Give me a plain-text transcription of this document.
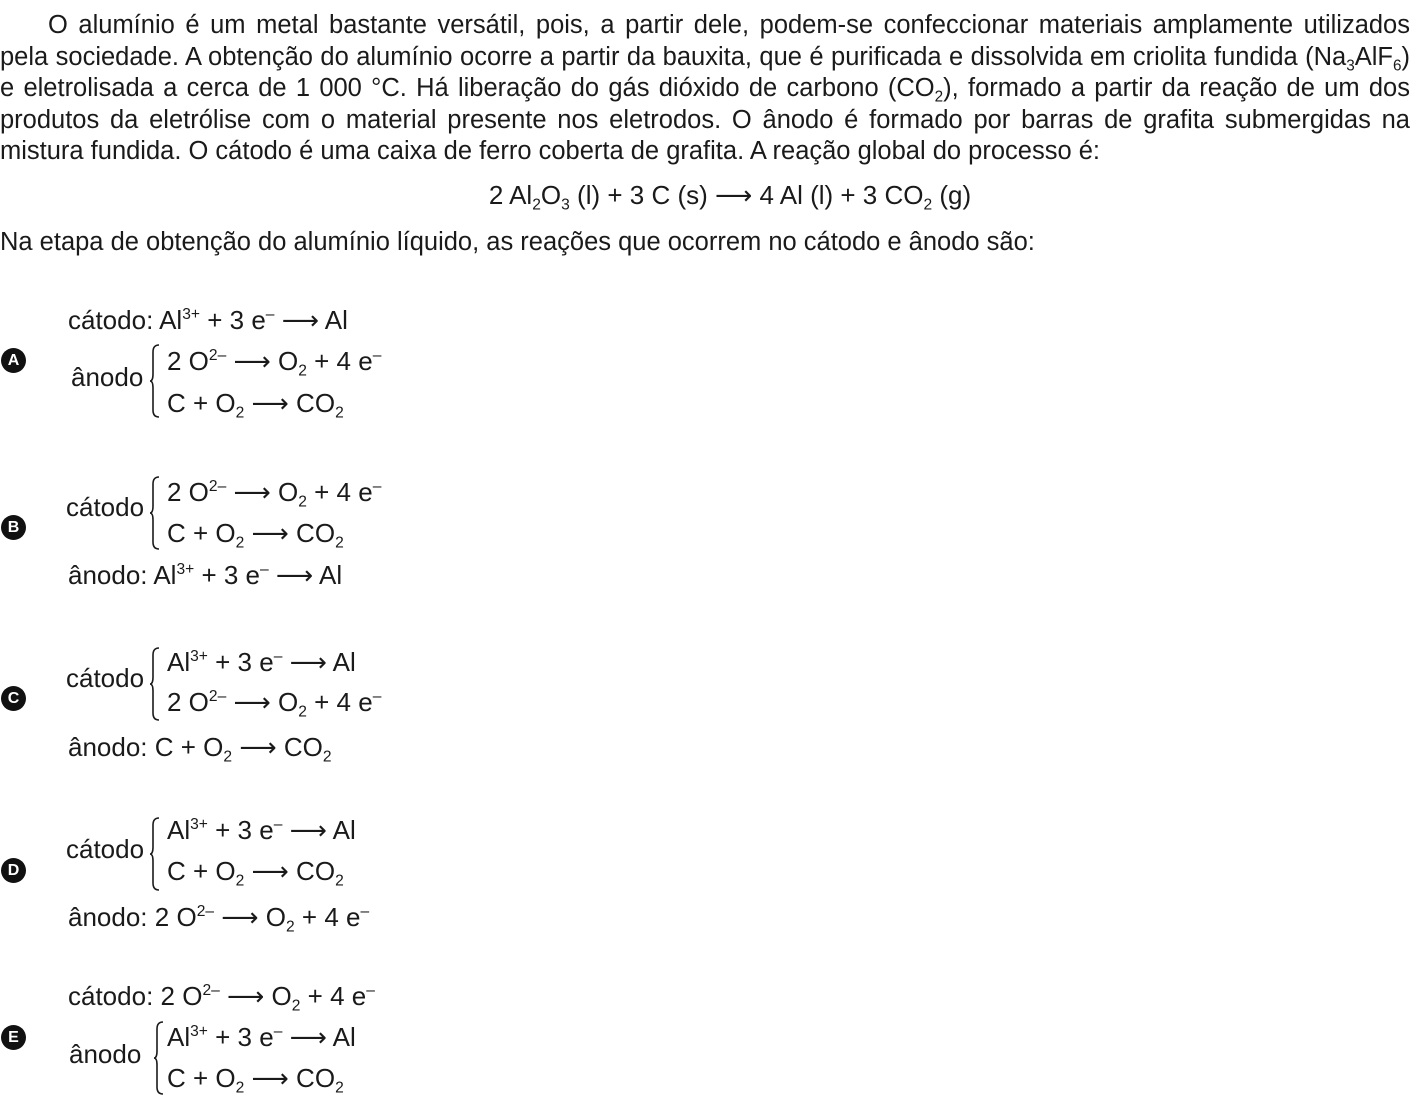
O alumínio é um metal bastante versátil, pois, a partir dele, podem-se confeccionar materiais amplamente utilizados pela sociedade. A obtenção do alumínio ocorre a partir da bauxita, que é purificada e dissolvida em criolita fundida $(Na_3AlF_6)$ e eletrolisada a cerca de 1 000 °C. Há liberação do gás dióxido de carbono $(CO_2)$, formado a partir da reação de um dos produtos da eletrólise com o material presente nos eletrodos. O ânodo é formado por barras de grafita submergidas na mistura fundida. O cátodo é uma caixa de ferro coberta de grafita. A reação global do processo é:

2 $Al_2O_3$ (l) + 3 C (s) ⟶ 4 Al (l) + 3 $CO_2$ (g)
Na etapa de obtenção do alumínio líquido, as reações que ocorrem no cátodo e ânodo são:
A
cátodo: $Al^{3+} + 3$ e– ⟶ Al
ânodo
2 $O^{2-}$ ⟶ $O_2 + 4$ e–
$C + O_2$ ⟶ $CO_2$
B
cátodo 2 $O^{2-}$ ⟶ $O_2 + 4$ e–
$C + O_2$ ⟶ $CO_2$
ânodo: $Al^{3+} + 3$ e– ⟶ Al
C
cátodo
$Al^{3+} + 3$ e– ⟶ Al
2 $O^{2-}$ ⟶ $O_2 + 4$ e–
ânodo: $C + O_2$ ⟶ $CO_2$
D
cátodo
$Al^{3+} + 3$ e– ⟶ Al
$C + O_2$ ⟶ $CO_2$
ânodo: 2 $O^{2-}$ ⟶ $O_2 + 4$ e–
E
cátodo: 2 $O^{2-}$ ⟶ $O_2 + 4$ e–
ânodo
$Al^{3+} + 3$ e– ⟶ Al
$C + O_2$ ⟶ $CO_2$
